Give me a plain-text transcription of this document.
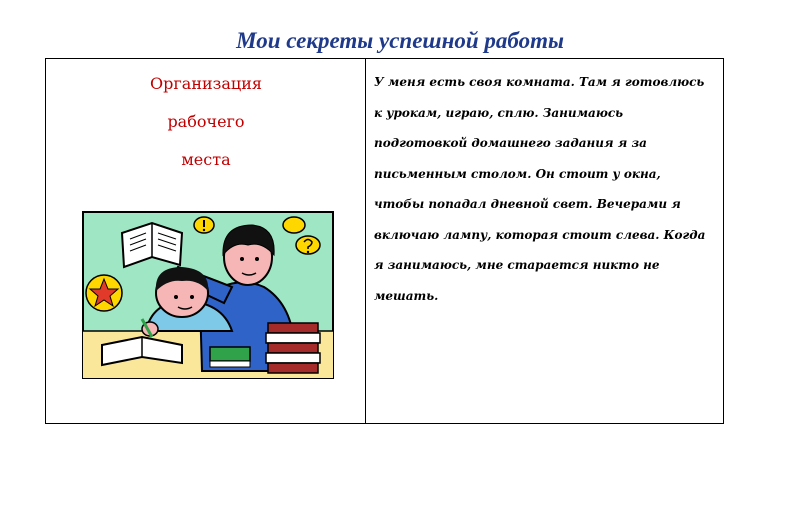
Мои секреты успешной работы
Организация
рабочего
места

У меня есть своя комната. Там я готовлюсь
к урокам, играю, сплю. Занимаюсь
подготовкой домашнего задания я за
письменным столом. Он стоит у окна,
чтобы попадал дневной свет. Вечерами я
включаю лампу, которая стоит слева. Когда
я занимаюсь, мне старается никто не
мешать.
